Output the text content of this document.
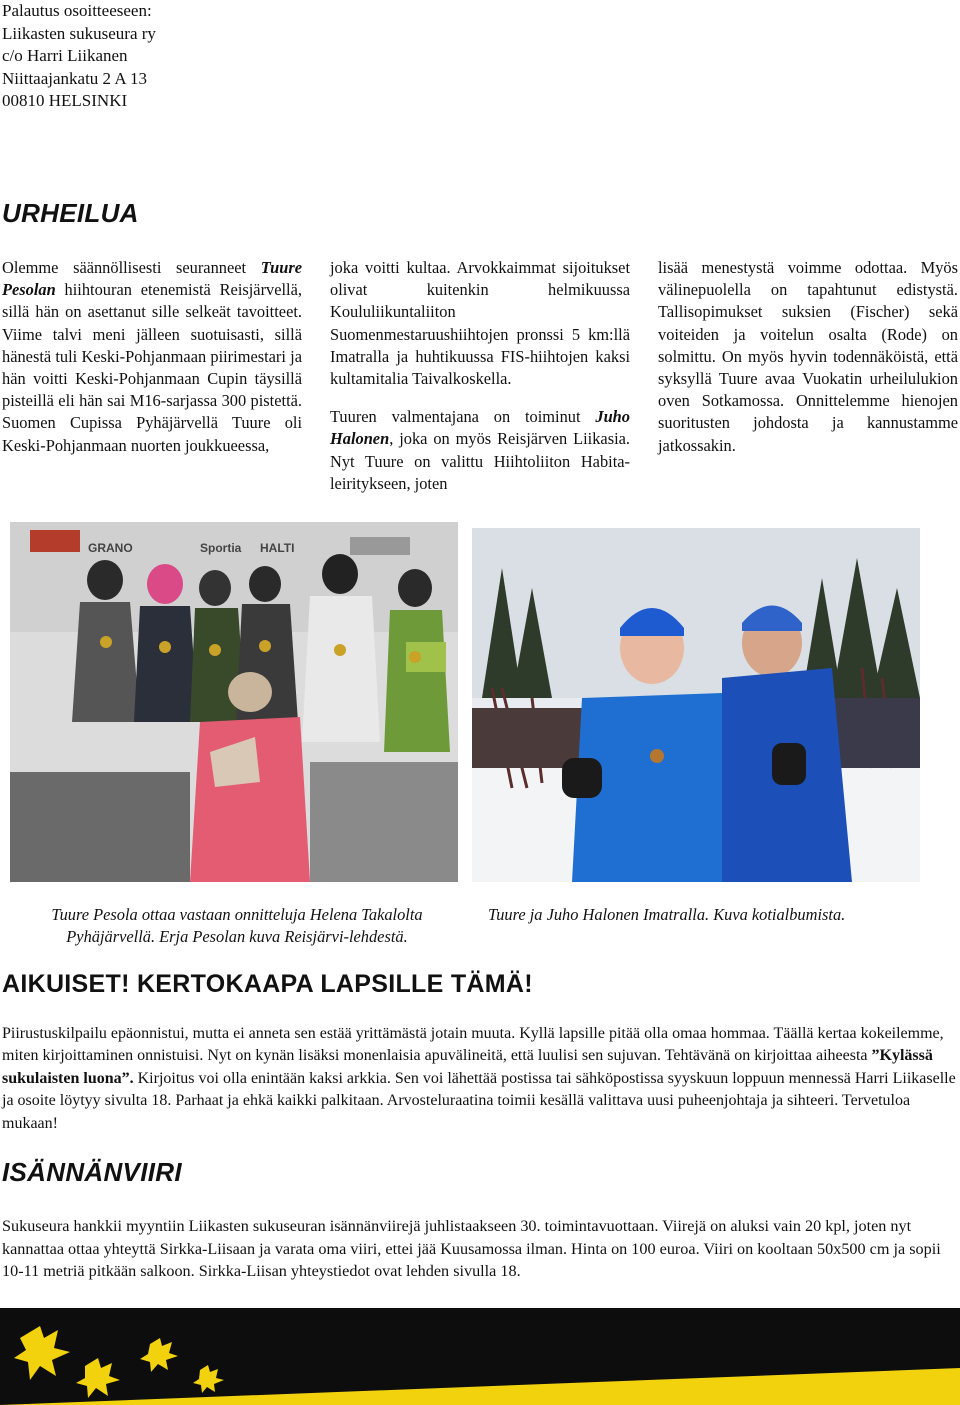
Palautus osoitteeseen:
Liikasten sukuseura ry
c/o Harri Liikanen
Niittaajankatu 2 A 13
00810 HELSINKI
URHEILUA

Olemme säännöllisesti seuranneet Tuure Pesolan hiihtouran etenemistä Reisjärvellä, sillä hän on asettanut sille selkeät tavoitteet. Viime talvi meni jälleen suotuisasti, sillä hänestä tuli Keski-Pohjanmaan piirimestari ja hän voitti Keski-Pohjanmaan Cupin täysillä pisteillä eli hän sai M16-sarjassa 300 pistettä. Suomen Cupissa Pyhäjärvellä Tuure oli Keski-Pohjanmaan nuorten joukkueessa,

joka voitti kultaa. Arvokkaimmat sijoitukset olivat kuitenkin helmikuussa Koululiikuntaliiton Suomenmestaruushiihtojen pronssi 5 km:llä Imatralla ja huhtikuussa FIS-hiihtojen kaksi kultamitalia Taivalkoskella.

Tuuren valmentajana on toiminut Juho Halonen, joka on myös Reisjärven Liikasia. Nyt Tuure on valittu Hiihtoliiton Habita-leiritykseen, joten

lisää menestystä voimme odottaa. Myös välinepuolella on tapahtunut edistystä. Tallisopimukset suksien (Fischer) sekä voiteiden ja voitelun osalta (Rode) on solmittu. On myös hyvin todennäköistä, että syksyllä Tuure avaa Vuokatin urheilulukion oven Sotkamossa. Onnittelemme hienojen suoritusten johdosta ja kannustamme jatkossakin.

GRANO	Sportia HALTI
Tuure Pesola ottaa vastaan onnitteluja Helena Takalolta
Pyhäjärvellä. Erja Pesolan kuva Reisjärvi-lehdestä.
Tuure ja Juho Halonen Imatralla. Kuva kotialbumista.
AIKUISET! KERTOKAAPA LAPSILLE TÄMÄ!

Piirustuskilpailu epäonnistui, mutta ei anneta sen estää yrittämästä jotain muuta. Kyllä lapsille pitää olla omaa hommaa. Täällä kertaa kokeilemme, miten kirjoittaminen onnistuisi. Nyt on kynän lisäksi monenlaisia apuvälineitä, että luulisi sen sujuvan. Tehtävänä on kirjoittaa aiheesta ”Kylässä sukulaisten luona”. Kirjoitus voi olla enintään kaksi arkkia. Sen voi lähettää postissa tai sähköpostissa syyskuun loppuun mennessä Harri Liikaselle ja osoite löytyy sivulta 18. Parhaat ja ehkä kaikki palkitaan. Arvosteluraatina toimii kesällä valittava uusi puheenjohtaja ja sihteeri. Tervetuloa mukaan!

ISÄNNÄNVIIRI

Sukuseura hankkii myyntiin Liikasten sukuseuran isännänviirejä juhlistaakseen 30. toimintavuottaan. Viirejä on aluksi vain 20 kpl, joten nyt kannattaa ottaa yhteyttä Sirkka-Liisaan ja varata oma viiri, ettei jää Kuusamossa ilman. Hinta on 100 euroa. Viiri on kooltaan 50x500 cm ja sopii 10-11 metriä pitkään salkoon. Sirkka-Liisan yhteystiedot ovat lehden sivulla 18.
